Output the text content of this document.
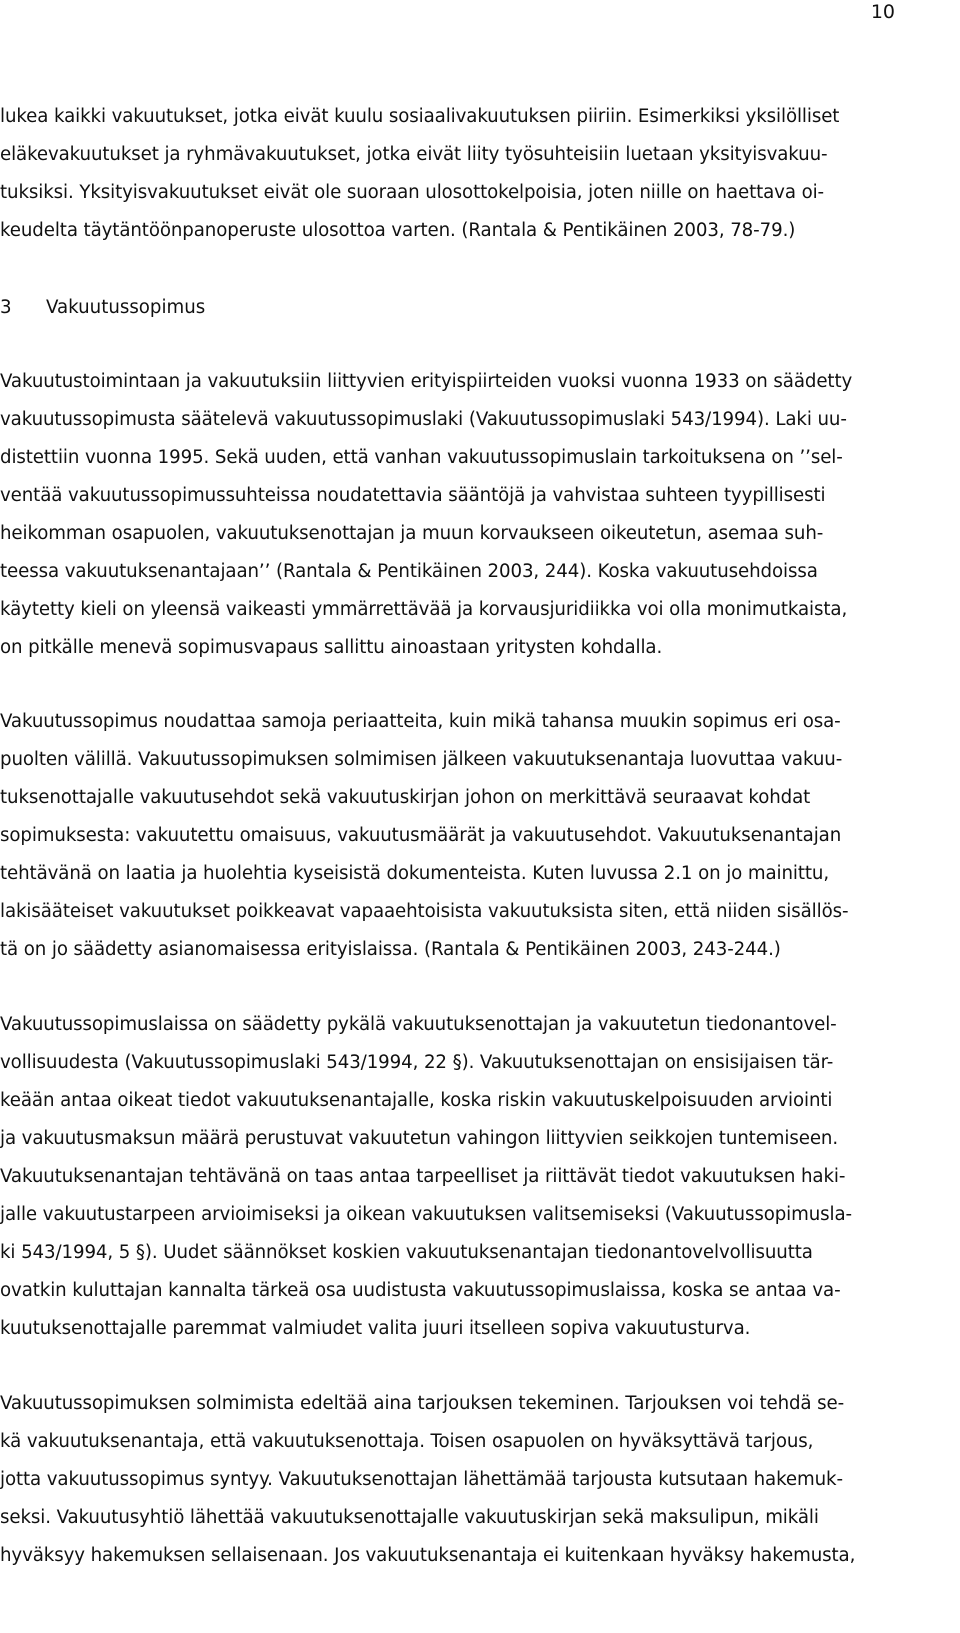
10
lukea kaikki vakuutukset, jotka eivät kuulu sosiaalivakuutuksen piiriin. Esimerkiksi yksilölliset
eläkevakuutukset ja ryhmävakuutukset, jotka eivät liity työsuhteisiin luetaan yksityisvakuu-
tuksiksi. Yksityisvakuutukset eivät ole suoraan ulosottokelpoisia, joten niille on haettava oi-
keudelta täytäntöönpanoperuste ulosottoa varten. (Rantala & Pentikäinen 2003, 78-79.)
3 Vakuutussopimus
Vakuutustoimintaan ja vakuutuksiin liittyvien erityispiirteiden vuoksi vuonna 1933 on säädetty
vakuutussopimusta säätelevä vakuutussopimuslaki (Vakuutussopimuslaki 543/1994). Laki uu-
distettiin vuonna 1995. Sekä uuden, että vanhan vakuutussopimuslain tarkoituksena on ’’sel-
ventää vakuutussopimussuhteissa noudatettavia sääntöjä ja vahvistaa suhteen tyypillisesti
heikomman osapuolen, vakuutuksenottajan ja muun korvaukseen oikeutetun, asemaa suh-
teessa vakuutuksenantajaan’’ (Rantala & Pentikäinen 2003, 244). Koska vakuutusehdoissa
käytetty kieli on yleensä vaikeasti ymmärrettävää ja korvausjuridiikka voi olla monimutkaista,
on pitkälle menevä sopimusvapaus sallittu ainoastaan yritysten kohdalla.
Vakuutussopimus noudattaa samoja periaatteita, kuin mikä tahansa muukin sopimus eri osa-
puolten välillä. Vakuutussopimuksen solmimisen jälkeen vakuutuksenantaja luovuttaa vakuu-
tuksenottajalle vakuutusehdot sekä vakuutuskirjan johon on merkittävä seuraavat kohdat
sopimuksesta: vakuutettu omaisuus, vakuutusmäärät ja vakuutusehdot. Vakuutuksenantajan
tehtävänä on laatia ja huolehtia kyseisistä dokumenteista. Kuten luvussa 2.1 on jo mainittu,
lakisääteiset vakuutukset poikkeavat vapaaehtoisista vakuutuksista siten, että niiden sisällös-
tä on jo säädetty asianomaisessa erityislaissa. (Rantala & Pentikäinen 2003, 243-244.)
Vakuutussopimuslaissa on säädetty pykälä vakuutuksenottajan ja vakuutetun tiedonantovel-
vollisuudesta (Vakuutussopimuslaki 543/1994, 22 §). Vakuutuksenottajan on ensisijaisen tär-
keään antaa oikeat tiedot vakuutuksenantajalle, koska riskin vakuutuskelpoisuuden arviointi
ja vakuutusmaksun määrä perustuvat vakuutetun vahingon liittyvien seikkojen tuntemiseen.
Vakuutuksenantajan tehtävänä on taas antaa tarpeelliset ja riittävät tiedot vakuutuksen haki-
jalle vakuutustarpeen arvioimiseksi ja oikean vakuutuksen valitsemiseksi (Vakuutussopimusla-
ki 543/1994, 5 §). Uudet säännökset koskien vakuutuksenantajan tiedonantovelvollisuutta
ovatkin kuluttajan kannalta tärkeä osa uudistusta vakuutussopimuslaissa, koska se antaa va-
kuutuksenottajalle paremmat valmiudet valita juuri itselleen sopiva vakuutusturva.
Vakuutussopimuksen solmimista edeltää aina tarjouksen tekeminen. Tarjouksen voi tehdä se-
kä vakuutuksenantaja, että vakuutuksenottaja. Toisen osapuolen on hyväksyttävä tarjous,
jotta vakuutussopimus syntyy. Vakuutuksenottajan lähettämää tarjousta kutsutaan hakemuk-
seksi. Vakuutusyhtiö lähettää vakuutuksenottajalle vakuutuskirjan sekä maksulipun, mikäli
hyväksyy hakemuksen sellaisenaan. Jos vakuutuksenantaja ei kuitenkaan hyväksy hakemusta,
